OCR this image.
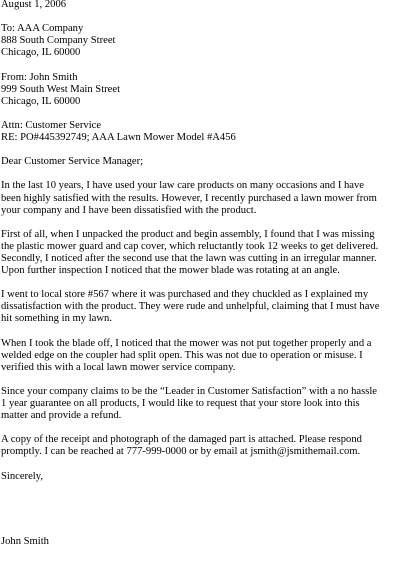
August 1, 2006
To: AAA Company
888 South Company Street
Chicago, IL 60000
From: John Smith
999 South West Main Street
Chicago, IL 60000
Attn: Customer Service
RE: PO#445392749; AAA Lawn Mower Model #A456
Dear Customer Service Manager;
In the last 10 years, I have used your law care products on many occasions and I have
been highly satisfied with the results. However, I recently purchased a lawn mower from
your company and I have been dissatisfied with the product.
First of all, when I unpacked the product and begin assembly, I found that I was missing
the plastic mower guard and cap cover, which reluctantly took 12 weeks to get delivered.
Secondly, I noticed after the second use that the lawn was cutting in an irregular manner.
Upon further inspection I noticed that the mower blade was rotating at an angle.
I went to local store #567 where it was purchased and they chuckled as I explained my
dissatisfaction with the product. They were rude and unhelpful, claiming that I must have
hit something in my lawn.
When I took the blade off, I noticed that the mower was not put together properly and a
welded edge on the coupler had split open. This was not due to operation or misuse. I
verified this with a local lawn mower service company.
Since your company claims to be the “Leader in Customer Satisfaction” with a no hassle
1 year guarantee on all products, I would like to request that your store look into this
matter and provide a refund.
A copy of the receipt and photograph of the damaged part is attached. Please respond
promptly. I can be reached at 777-999-0000 or by email at jsmith@jsmithemail.com.
Sincerely,
John Smith
